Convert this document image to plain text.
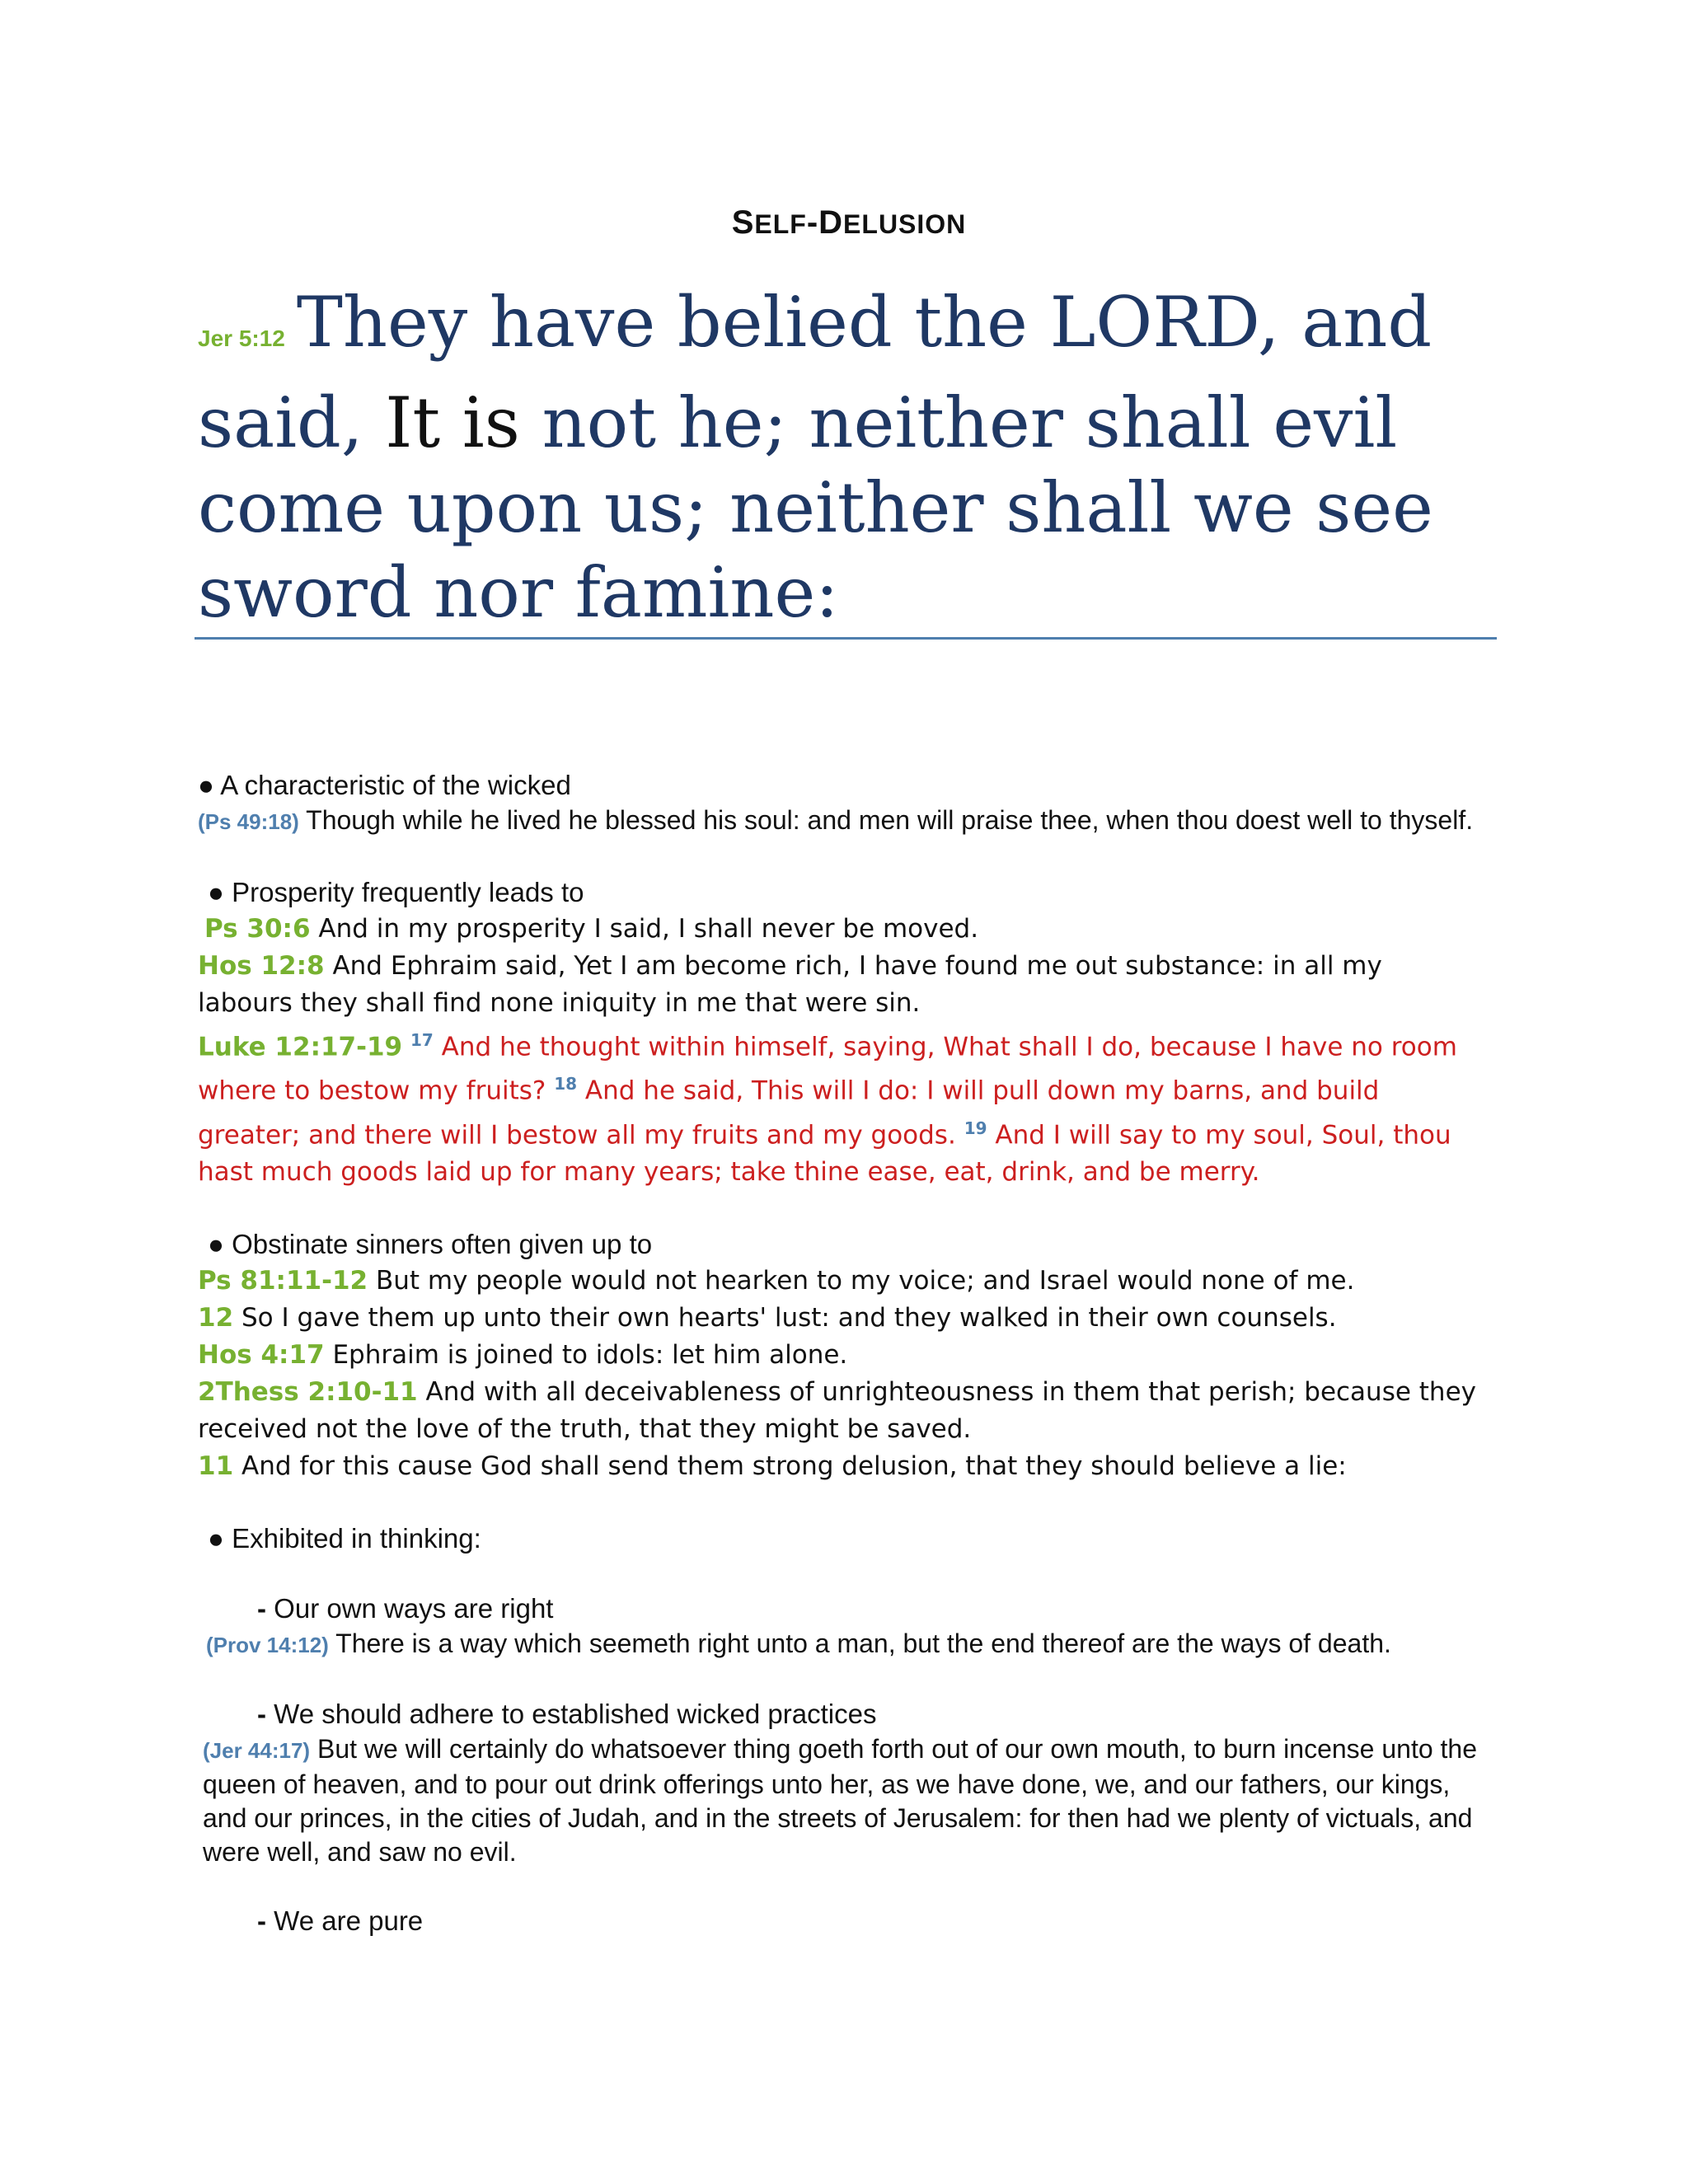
SELF-DELUSION
Jer 5:12 They have belied the LORD, and said, It is not he; neither shall evil come upon us; neither shall we see sword nor famine:

● A characteristic of the wicked

(Ps 49:18) Though while he lived he blessed his soul: and men will praise thee, when thou doest well to thyself.

● Prosperity frequently leads to

Ps 30:6 And in my prosperity I said, I shall never be moved.

Hos 12:8 And Ephraim said, Yet I am become rich, I have found me out substance: in all my labours they shall find none iniquity in me that were sin.

Luke 12:17-19 $^{17}$ And he thought within himself, saying, What shall I do, because I have no room where to bestow my fruits? $^{18}$ And he said, This will I do: I will pull down my barns, and build greater; and there will I bestow all my fruits and my goods. $^{19}$ And I will say to my soul, Soul, thou hast much goods laid up for many years; take thine ease, eat, drink, and be merry.

● Obstinate sinners often given up to

Ps 81:11-12 But my people would not hearken to my voice; and Israel would none of me.

12 So I gave them up unto their own hearts' lust: and they walked in their own counsels.

Hos 4:17 Ephraim is joined to idols: let him alone.

2Thess 2:10-11 And with all deceivableness of unrighteousness in them that perish; because they received not the love of the truth, that they might be saved.

11 And for this cause God shall send them strong delusion, that they should believe a lie:

● Exhibited in thinking:

- Our own ways are right

(Prov 14:12) There is a way which seemeth right unto a man, but the end thereof are the ways of death.

- We should adhere to established wicked practices

(Jer 44:17) But we will certainly do whatsoever thing goeth forth out of our own mouth, to burn incense unto the queen of heaven, and to pour out drink offerings unto her, as we have done, we, and our fathers, our kings, and our princes, in the cities of Judah, and in the streets of Jerusalem: for then had we plenty of victuals, and were well, and saw no evil.

- We are pure
